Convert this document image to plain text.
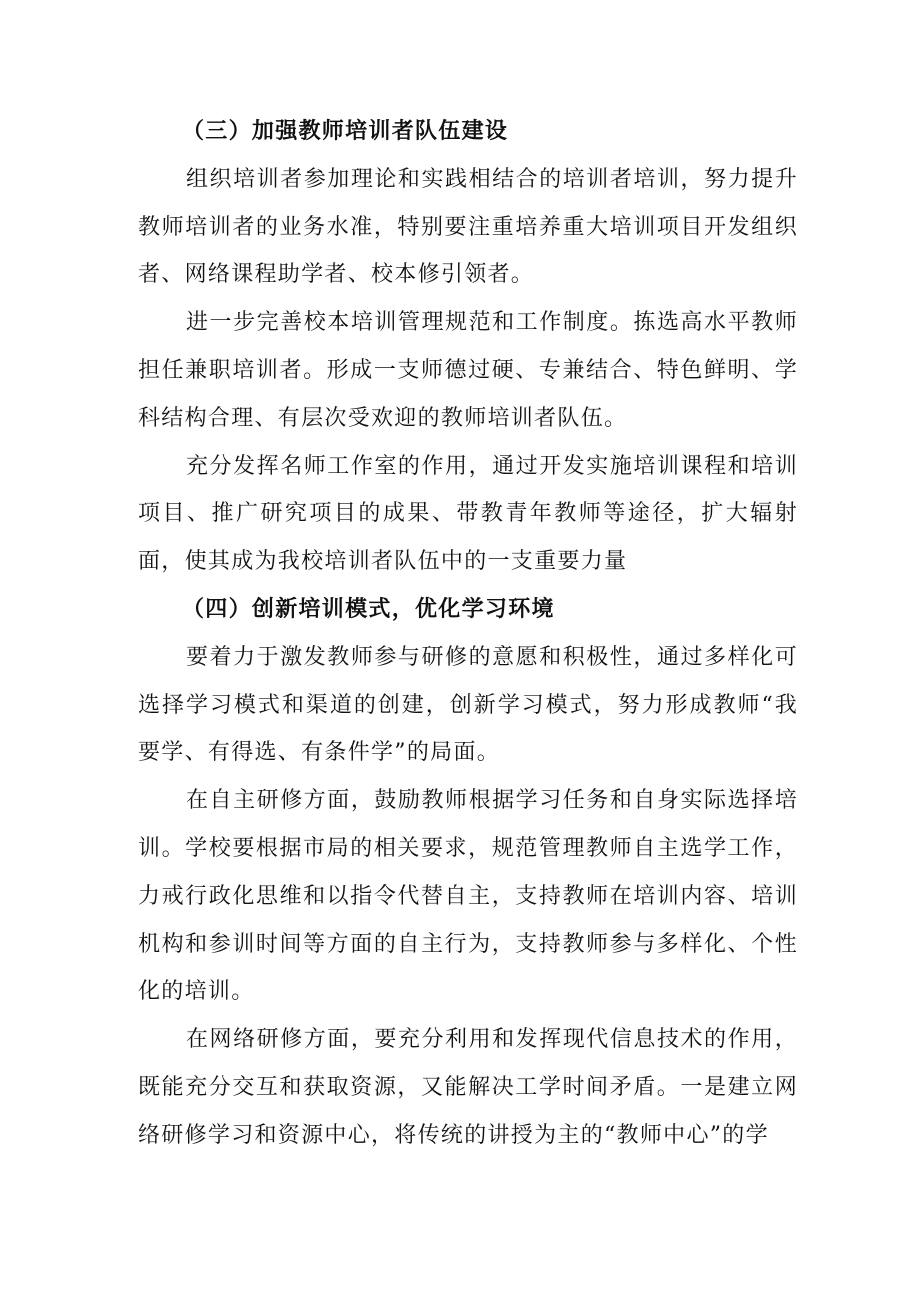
（三）加强教师培训者队伍建设

组织培训者参加理论和实践相结合的培训者培训，努力提升教师培训者的业务水准，特别要注重培养重大培训项目开发组织者、网络课程助学者、校本修引领者。

进一步完善校本培训管理规范和工作制度。拣选高水平教师担任兼职培训者。形成一支师德过硬、专兼结合、特色鲜明、学科结构合理、有层次受欢迎的教师培训者队伍。

充分发挥名师工作室的作用，通过开发实施培训课程和培训项目、推广研究项目的成果、带教青年教师等途径，扩大辐射面，使其成为我校培训者队伍中的一支重要力量

（四）创新培训模式，优化学习环境

要着力于激发教师参与研修的意愿和积极性，通过多样化可选择学习模式和渠道的创建，创新学习模式，努力形成教师“我要学、有得选、有条件学”的局面。

在自主研修方面，鼓励教师根据学习任务和自身实际选择培训。学校要根据市局的相关要求，规范管理教师自主选学工作，力戒行政化思维和以指令代替自主，支持教师在培训内容、培训机构和参训时间等方面的自主行为，支持教师参与多样化、个性化的培训。

在网络研修方面，要充分利用和发挥现代信息技术的作用，既能充分交互和获取资源，又能解决工学时间矛盾。一是建立网络研修学习和资源中心，将传统的讲授为主的“教师中心”的学
